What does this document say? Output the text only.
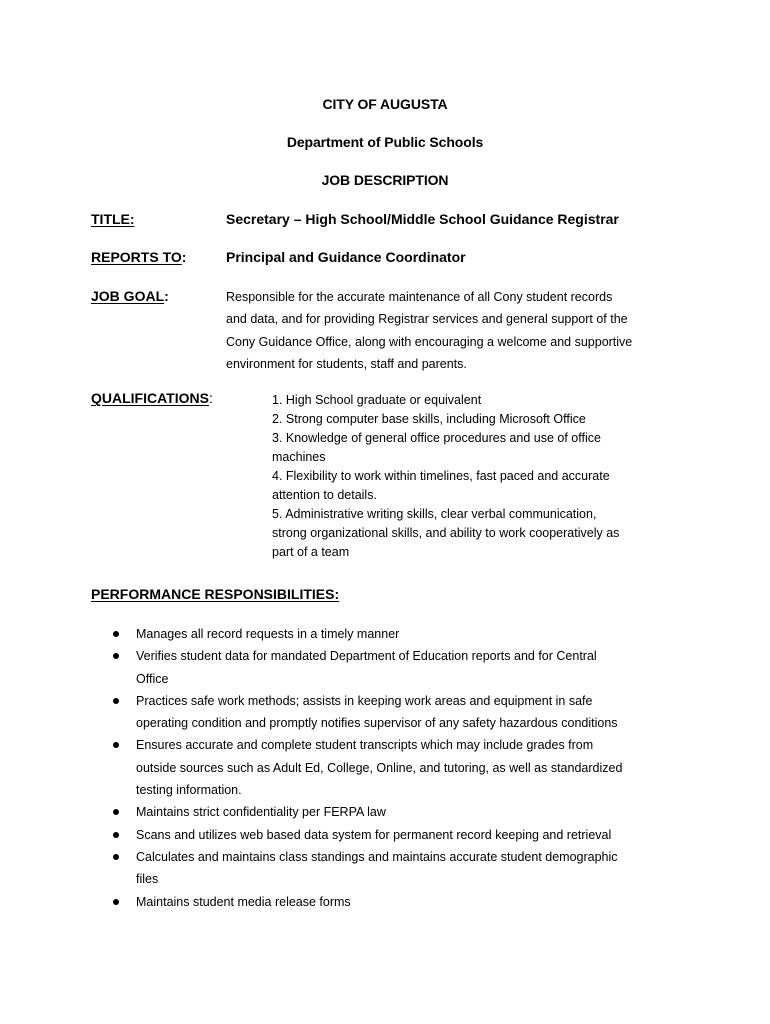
CITY OF AUGUSTA
Department of Public Schools
JOB DESCRIPTION
TITLE:	Secretary – High School/Middle School Guidance Registrar
REPORTS TO:	Principal and Guidance Coordinator
JOB GOAL:	Responsible for the accurate maintenance of all Cony student records

and data, and for providing Registrar services and general support of the

Cony Guidance Office, along with encouraging a welcome and supportive

environment for students, staff and parents.

QUALIFICATIONS:	1. High School graduate or equivalent
2. Strong computer base skills, including Microsoft Office
3. Knowledge of general office procedures and use of office
machines
4. Flexibility to work within timelines, fast paced and accurate
attention to details.
5. Administrative writing skills, clear verbal communication,
strong organizational skills, and ability to work cooperatively as
part of a team
PERFORMANCE RESPONSIBILITIES:
Manages all record requests in a timely manner
Verifies student data for mandated Department of Education reports and for Central
Office
Practices safe work methods; assists in keeping work areas and equipment in safe
operating condition and promptly notifies supervisor of any safety hazardous conditions
Ensures accurate and complete student transcripts which may include grades from
outside sources such as Adult Ed, College, Online, and tutoring, as well as standardized
testing information.
Maintains strict confidentiality per FERPA law
Scans and utilizes web based data system for permanent record keeping and retrieval
Calculates and maintains class standings and maintains accurate student demographic
files
Maintains student media release forms
